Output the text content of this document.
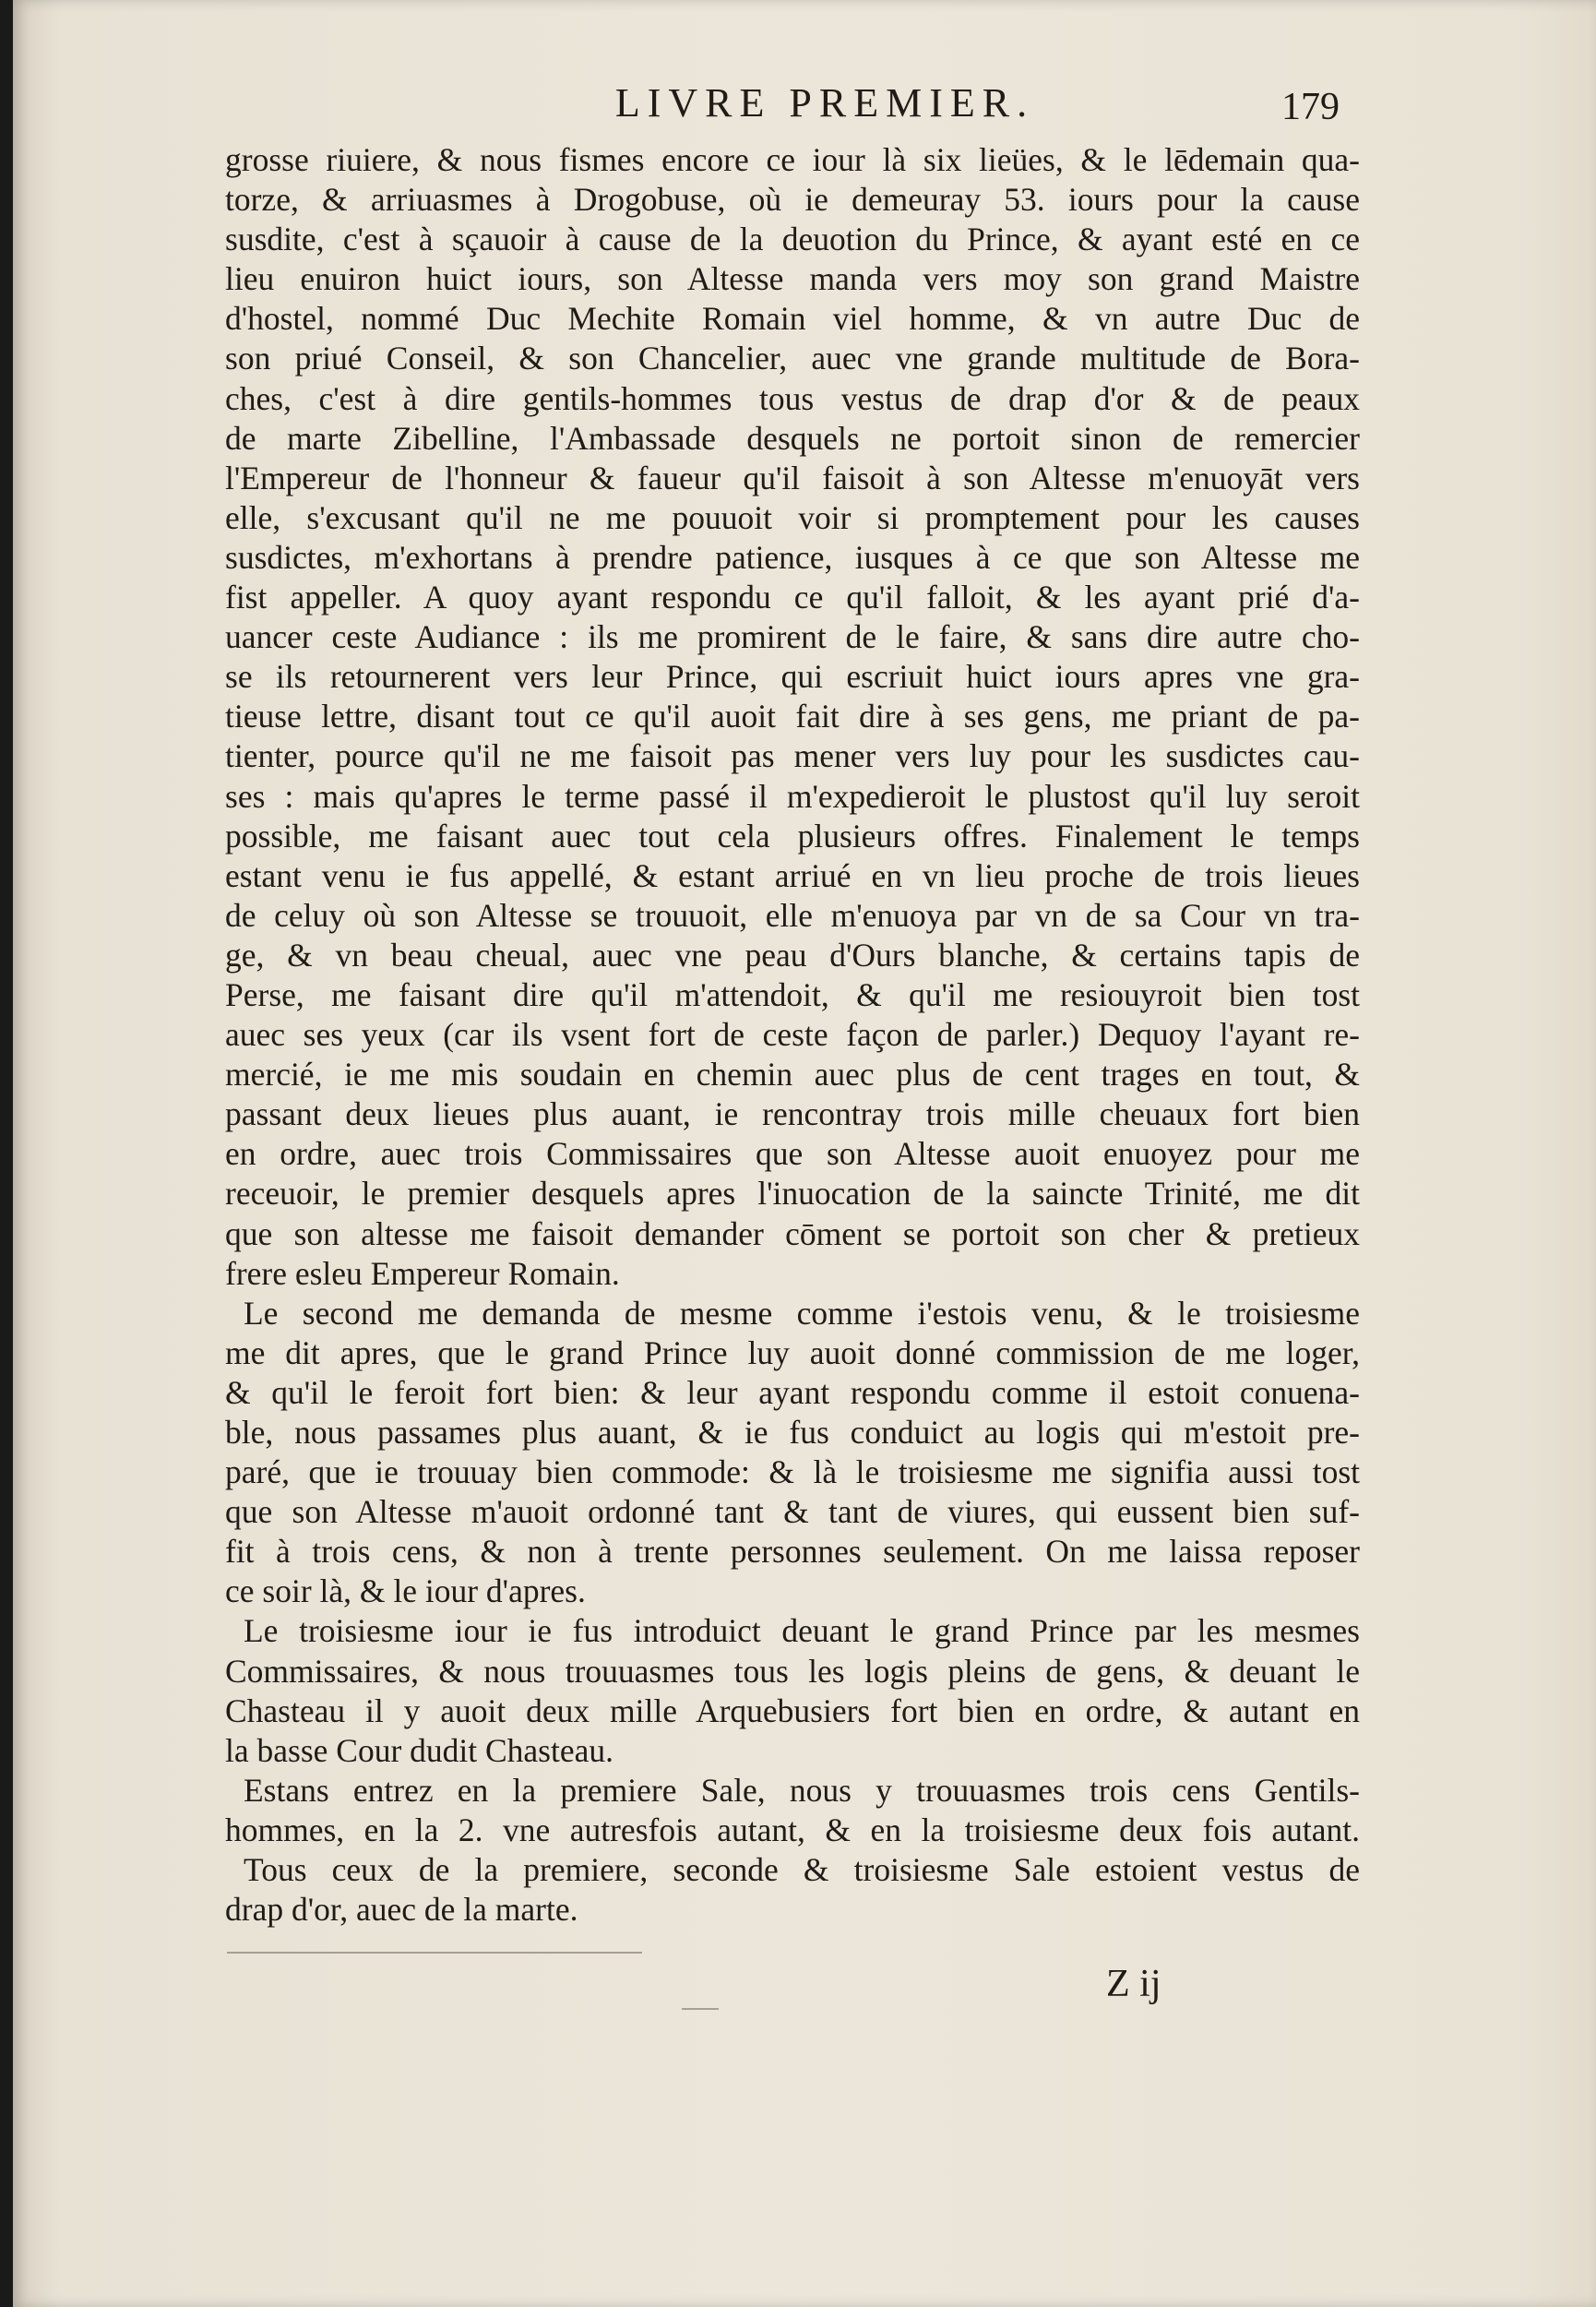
LIVRE PREMIER.	179
grosse riuiere, & nous fismes encore ce iour là six lieües, & le lēdemain qua-
torze, & arriuasmes à Drogobuse, où ie demeuray 53. iours pour la cause
susdite, c'est à sçauoir à cause de la deuotion du Prince, & ayant esté en ce
lieu enuiron huict iours, son Altesse manda vers moy son grand Maistre
d'hostel, nommé Duc Mechite Romain viel homme, & vn autre Duc de
son priué Conseil, & son Chancelier, auec vne grande multitude de Bora-
ches, c'est à dire gentils-hommes tous vestus de drap d'or & de peaux
de marte Zibelline, l'Ambassade desquels ne portoit sinon de remercier
l'Empereur de l'honneur & faueur qu'il faisoit à son Altesse m'enuoyāt vers
elle, s'excusant qu'il ne me pouuoit voir si promptement pour les causes
susdictes, m'exhortans à prendre patience, iusques à ce que son Altesse me
fist appeller. A quoy ayant respondu ce qu'il falloit, & les ayant prié d'a-
uancer ceste Audiance : ils me promirent de le faire, & sans dire autre cho-
se ils retournerent vers leur Prince, qui escriuit huict iours apres vne gra-
tieuse lettre, disant tout ce qu'il auoit fait dire à ses gens, me priant de pa-
tienter, pource qu'il ne me faisoit pas mener vers luy pour les susdictes cau-
ses : mais qu'apres le terme passé il m'expedieroit le plustost qu'il luy seroit
possible, me faisant auec tout cela plusieurs offres. Finalement le temps
estant venu ie fus appellé, & estant arriué en vn lieu proche de trois lieues
de celuy où son Altesse se trouuoit, elle m'enuoya par vn de sa Cour vn tra-
ge, & vn beau cheual, auec vne peau d'Ours blanche, & certains tapis de
Perse, me faisant dire qu'il m'attendoit, & qu'il me resiouyroit bien tost
auec ses yeux (car ils vsent fort de ceste façon de parler.) Dequoy l'ayant re-
mercié, ie me mis soudain en chemin auec plus de cent trages en tout, &
passant deux lieues plus auant, ie rencontray trois mille cheuaux fort bien
en ordre, auec trois Commissaires que son Altesse auoit enuoyez pour me
receuoir, le premier desquels apres l'inuocation de la saincte Trinité, me dit
que son altesse me faisoit demander cōment se portoit son cher & pretieux
frere esleu Empereur Romain.
Le second me demanda de mesme comme i'estois venu, & le troisiesme
me dit apres, que le grand Prince luy auoit donné commission de me loger,
& qu'il le feroit fort bien: & leur ayant respondu comme il estoit conuena-
ble, nous passames plus auant, & ie fus conduict au logis qui m'estoit pre-
paré, que ie trouuay bien commode: & là le troisiesme me signifia aussi tost
que son Altesse m'auoit ordonné tant & tant de viures, qui eussent bien suf-
fit à trois cens, & non à trente personnes seulement. On me laissa reposer
ce soir là, & le iour d'apres.
Le troisiesme iour ie fus introduict deuant le grand Prince par les mesmes
Commissaires, & nous trouuasmes tous les logis pleins de gens, & deuant le
Chasteau il y auoit deux mille Arquebusiers fort bien en ordre, & autant en
la basse Cour dudit Chasteau.
Estans entrez en la premiere Sale, nous y trouuasmes trois cens Gentils-
hommes, en la 2. vne autresfois autant, & en la troisiesme deux fois autant.
Tous ceux de la premiere, seconde & troisiesme Sale estoient vestus de
drap d'or, auec de la marte.
Z ij
